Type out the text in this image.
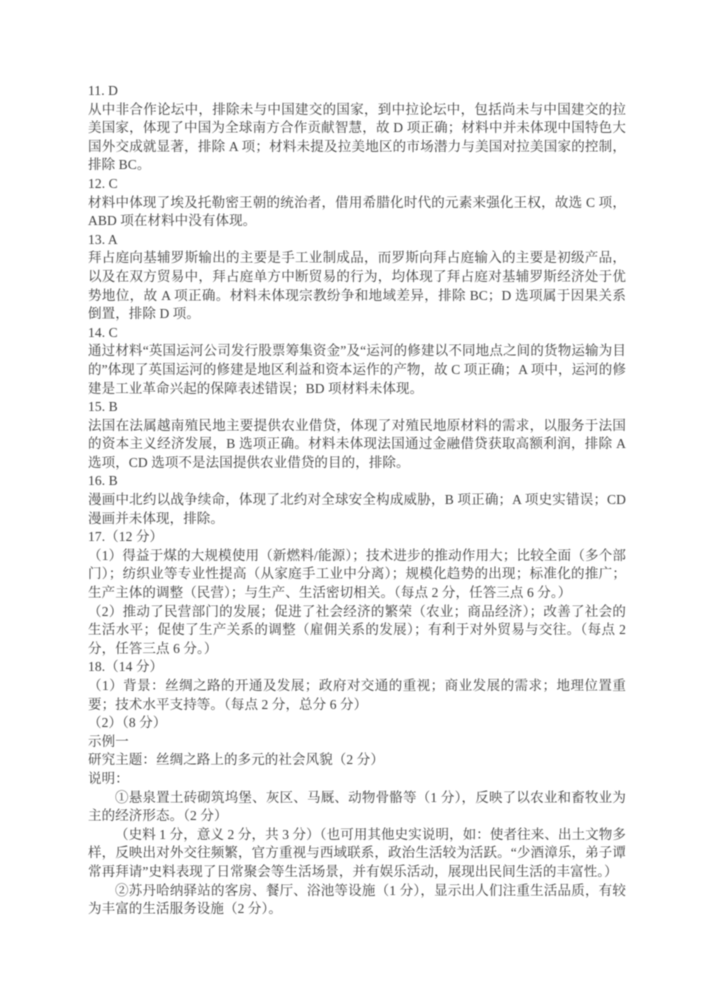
11. D

从中非合作论坛中，排除未与中国建交的国家，到中拉论坛中，包括尚未与中国建交的拉美国家，体现了中国为全球南方合作贡献智慧，故 D 项正确；材料中并未体现中国特色大国外交成就显著，排除 A 项；材料未提及拉美地区的市场潜力与美国对拉美国家的控制，排除 BC。

12. C

材料中体现了埃及托勒密王朝的统治者，借用希腊化时代的元素来强化王权，故选 C 项，ABD 项在材料中没有体现。

13. A

拜占庭向基辅罗斯输出的主要是手工业制成品，而罗斯向拜占庭输入的主要是初级产品，以及在双方贸易中，拜占庭单方中断贸易的行为，均体现了拜占庭对基辅罗斯经济处于优势地位，故 A 项正确。材料未体现宗教纷争和地域差异，排除 BC；D 选项属于因果关系倒置，排除 D 项。

14. C

通过材料“英国运河公司发行股票筹集资金”及“运河的修建以不同地点之间的货物运输为目的”体现了英国运河的修建是地区利益和资本运作的产物，故 C 项正确；A 项中，运河的修建是工业革命兴起的保障表述错误；BD 项材料未体现。

15. B

法国在法属越南殖民地主要提供农业借贷，体现了对殖民地原材料的需求，以服务于法国的资本主义经济发展，B 选项正确。材料未体现法国通过金融借贷获取高额利润，排除 A 选项，CD 选项不是法国提供农业借贷的目的，排除。

16. B

漫画中北约以战争续命，体现了北约对全球安全构成威胁，B 项正确；A 项史实错误；CD 漫画并未体现，排除。

17.（12 分）

（1）得益于煤的大规模使用（新燃料/能源）；技术进步的推动作用大；比较全面（多个部门）；纺织业等专业性提高（从家庭手工业中分离）；规模化趋势的出现；标准化的推广；生产主体的调整（民营）；与生产、生活密切相关。（每点 2 分，任答三点 6 分。）

（2）推动了民营部门的发展；促进了社会经济的繁荣（农业；商品经济）；改善了社会的生活水平；促使了生产关系的调整（雇佣关系的发展）；有利于对外贸易与交往。（每点 2 分，任答三点 6 分。）

18.（14 分）

（1）背景：丝绸之路的开通及发展；政府对交通的重视；商业发展的需求；地理位置重要；技术水平支持等。（每点 2 分，总分 6 分）

（2）（8 分）

示例一

研究主题：丝绸之路上的多元的社会风貌（2 分）

说明：

①悬泉置土砖砌筑坞堡、灰区、马厩、动物骨骼等（1 分），反映了以农业和畜牧业为主的经济形态。（2 分）

（史料 1 分，意义 2 分，共 3 分）（也可用其他史实说明，如：使者往来、出土文物多样，反映出对外交往频繁，官方重视与西域联系，政治生活较为活跃。“少酒漳乐，弟子谭常再拜请”史料表现了日常聚会等生活场景，并有娱乐活动，展现出民间生活的丰富性。）

②苏丹哈纳驿站的客房、餐厅、浴池等设施（1 分），显示出人们注重生活品质，有较为丰富的生活服务设施（2 分）。
